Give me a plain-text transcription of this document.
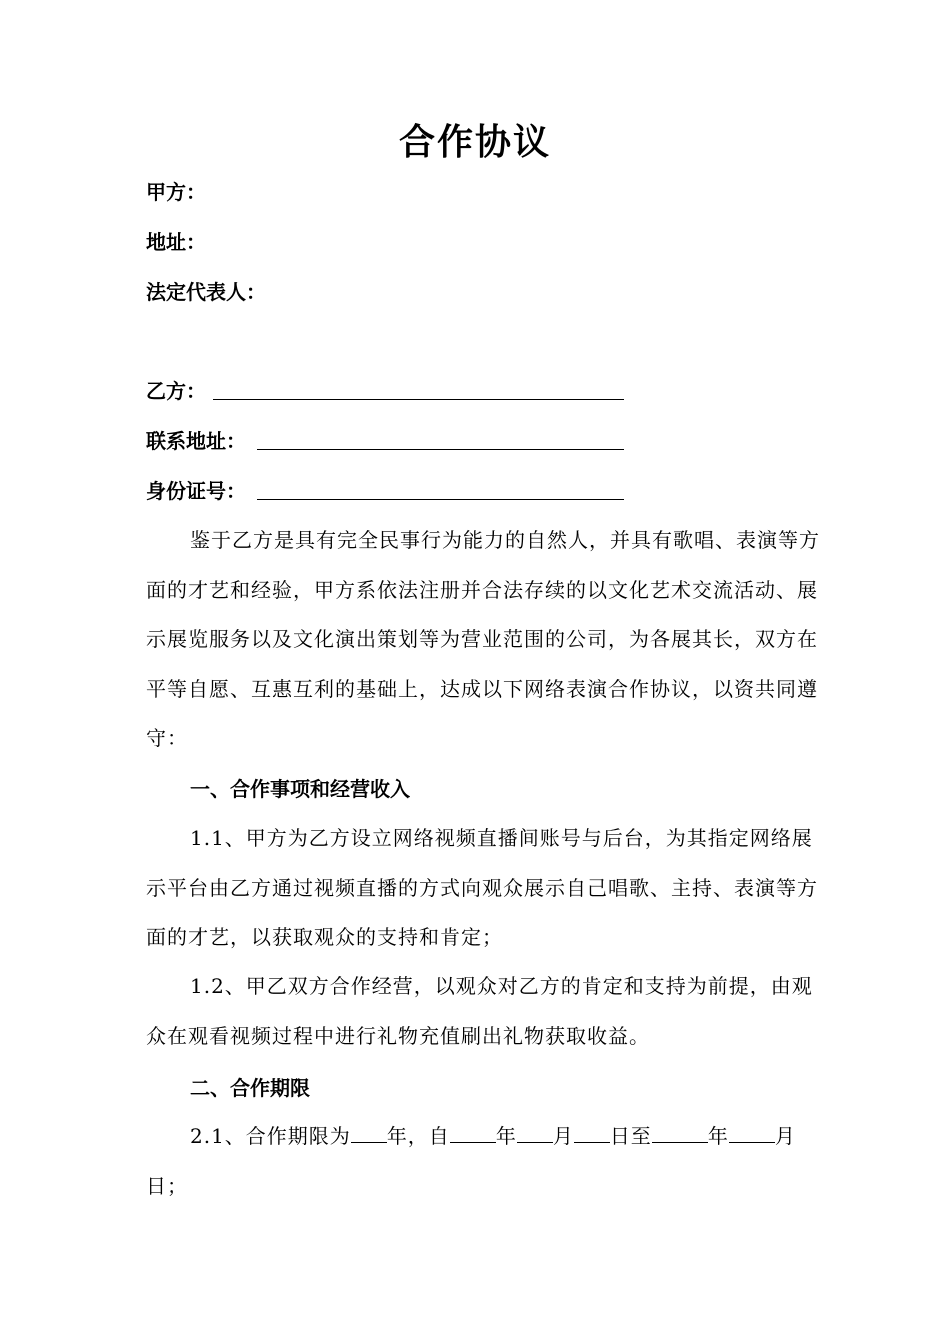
合作协议
甲方：
地址：
法定代表人：
乙方：
联系地址：
身份证号：
鉴于乙方是具有完全民事行为能力的自然人，并具有歌唱、表演等方面的才艺和经验，甲方系依法注册并合法存续的以文化艺术交流活动、展示展览服务以及文化演出策划等为营业范围的公司，为各展其长，双方在平等自愿、互惠互利的基础上，达成以下网络表演合作协议，以资共同遵守：
一、合作事项和经营收入
1.1、甲方为乙方设立网络视频直播间账号与后台，为其指定网络展示平台由乙方通过视频直播的方式向观众展示自己唱歌、主持、表演等方面的才艺，以获取观众的支持和肯定；
1.2、甲乙双方合作经营，以观众对乙方的肯定和支持为前提，由观众在观看视频过程中进行礼物充值刷出礼物获取收益。
二、合作期限
2.1、合作期限为 年，自 年 月 日至	年 月日；
